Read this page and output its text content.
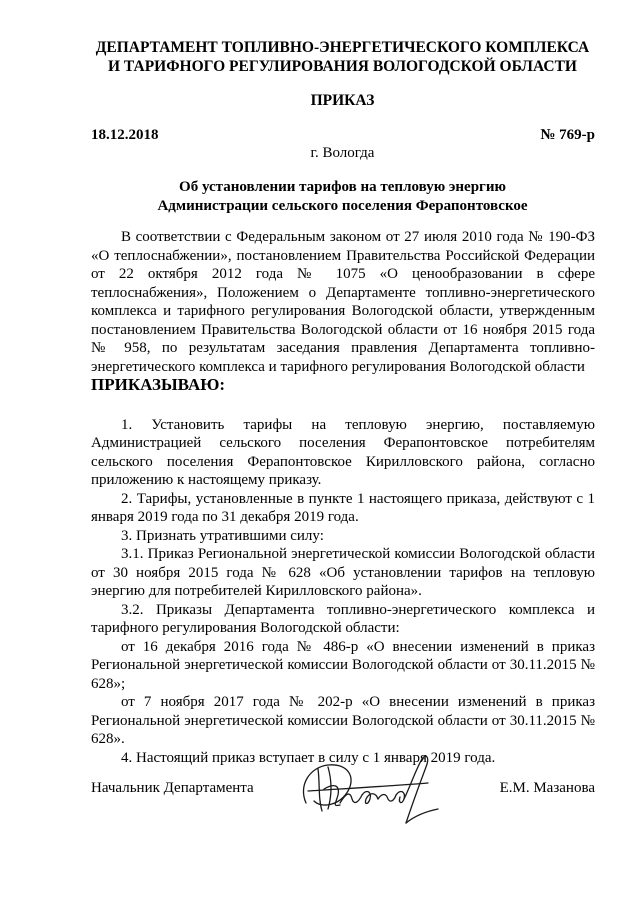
ДЕПАРТАМЕНТ ТОПЛИВНО-ЭНЕРГЕТИЧЕСКОГО КОМПЛЕКСА
И ТАРИФНОГО РЕГУЛИРОВАНИЯ ВОЛОГОДСКОЙ ОБЛАСТИ
ПРИКАЗ
18.12.2018	№ 769-р
г. Вологда
Об установлении тарифов на тепловую энергию
Администрации сельского поселения Ферапонтовское

В соответствии с Федеральным законом от 27 июля 2010 года № 190-ФЗ «О теплоснабжении», постановлением Правительства Российской Федерации от 22 октября 2012 года № 1075 «О ценообразовании в сфере теплоснабжения», Положением о Департаменте топливно-энергетического комплекса и тарифного регулирования Вологодской области, утвержденным постановлением Правительства Вологодской области от 16 ноября 2015 года № 958, по результатам заседания правления Департамента топливно-энергетического комплекса и тарифного регулирования Вологодской области

ПРИКАЗЫВАЮ:

1. Установить тарифы на тепловую энергию, поставляемую Администрацией сельского поселения Ферапонтовское потребителям сельского поселения Ферапонтовское Кирилловского района, согласно приложению к настоящему приказу.

2. Тарифы, установленные в пункте 1 настоящего приказа, действуют с 1 января 2019 года по 31 декабря 2019 года.

3. Признать утратившими силу:

3.1. Приказ Региональной энергетической комиссии Вологодской области от 30 ноября 2015 года № 628 «Об установлении тарифов на тепловую энергию для потребителей Кирилловского района».

3.2. Приказы Департамента топливно-энергетического комплекса и тарифного регулирования Вологодской области:

от 16 декабря 2016 года № 486-р «О внесении изменений в приказ Региональной энергетической комиссии Вологодской области от 30.11.2015 № 628»;

от 7 ноября 2017 года № 202-р «О внесении изменений в приказ Региональной энергетической комиссии Вологодской области от 30.11.2015 № 628».

4. Настоящий приказ вступает в силу с 1 января 2019 года.

Начальник Департамента	Е.М. Мазанова
